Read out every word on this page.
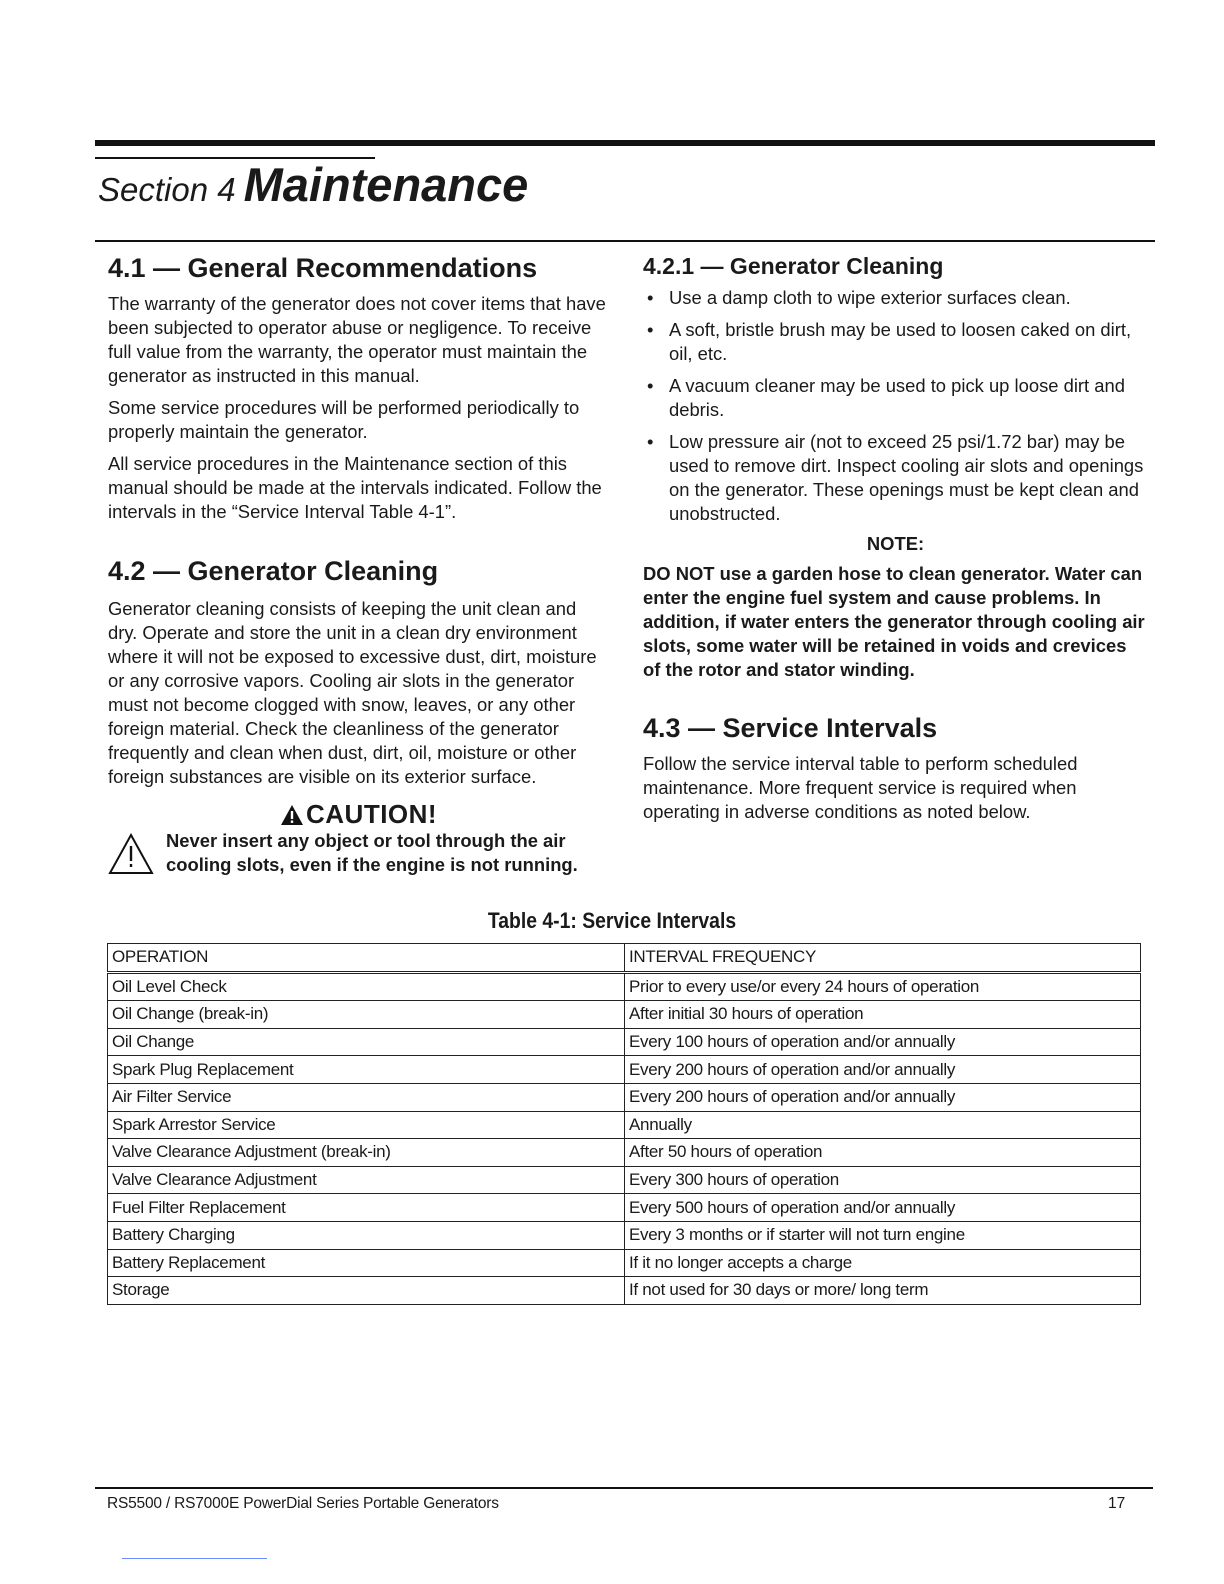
Section 4 Maintenance
4.1 — General Recommendations

The warranty of the generator does not cover items that have been subjected to operator abuse or negligence. To receive full value from the warranty, the operator must maintain the generator as instructed in this manual.

Some service procedures will be performed periodically to properly maintain the generator.

All service procedures in the Maintenance section of this manual should be made at the intervals indicated. Follow the intervals in the “Service Interval Table 4-1”.

4.2 — Generator Cleaning

Generator cleaning consists of keeping the unit clean and dry. Operate and store the unit in a clean dry environment where it will not be exposed to excessive dust, dirt, moisture or any corrosive vapors. Cooling air slots in the generator must not become clogged with snow, leaves, or any other foreign material. Check the cleanliness of the generator frequently and clean when dust, dirt, oil, moisture or other foreign substances are visible on its exterior surface.

CAUTION!
Never insert any object or tool through the air cooling slots, even if the engine is not running.
4.2.1 — Generator Cleaning
• Use a damp cloth to wipe exterior surfaces clean.
• A soft, bristle brush may be used to loosen caked on dirt, oil, etc.
• A vacuum cleaner may be used to pick up loose dirt and debris.
• Low pressure air (not to exceed 25 psi/1.72 bar) may be used to remove dirt. Inspect cooling air slots and openings on the generator. These openings must be kept clean and unobstructed.
NOTE:
DO NOT use a garden hose to clean generator. Water can enter the engine fuel system and cause problems. In addition, if water enters the generator through cooling air slots, some water will be retained in voids and crevices of the rotor and stator winding.
4.3 — Service Intervals

Follow the service interval table to perform scheduled maintenance. More frequent service is required when operating in adverse conditions as noted below.

Table 4-1: Service Intervals
OPERATION	INTERVAL FREQUENCY
Oil Level Check	Prior to every use/or every 24 hours of operation
Oil Change (break-in)	After initial 30 hours of operation
Oil Change	Every 100 hours of operation and/or annually
Spark Plug Replacement	Every 200 hours of operation and/or annually
Air Filter Service	Every 200 hours of operation and/or annually
Spark Arrestor Service	Annually
Valve Clearance Adjustment (break-in)	After 50 hours of operation
Valve Clearance Adjustment	Every 300 hours of operation
Fuel Filter Replacement	Every 500 hours of operation and/or annually
Battery Charging	Every 3 months or if starter will not turn engine
Battery Replacement	If it no longer accepts a charge
Storage	If not used for 30 days or more/ long term
RS5500 / RS7000E PowerDial Series Portable Generators	17
